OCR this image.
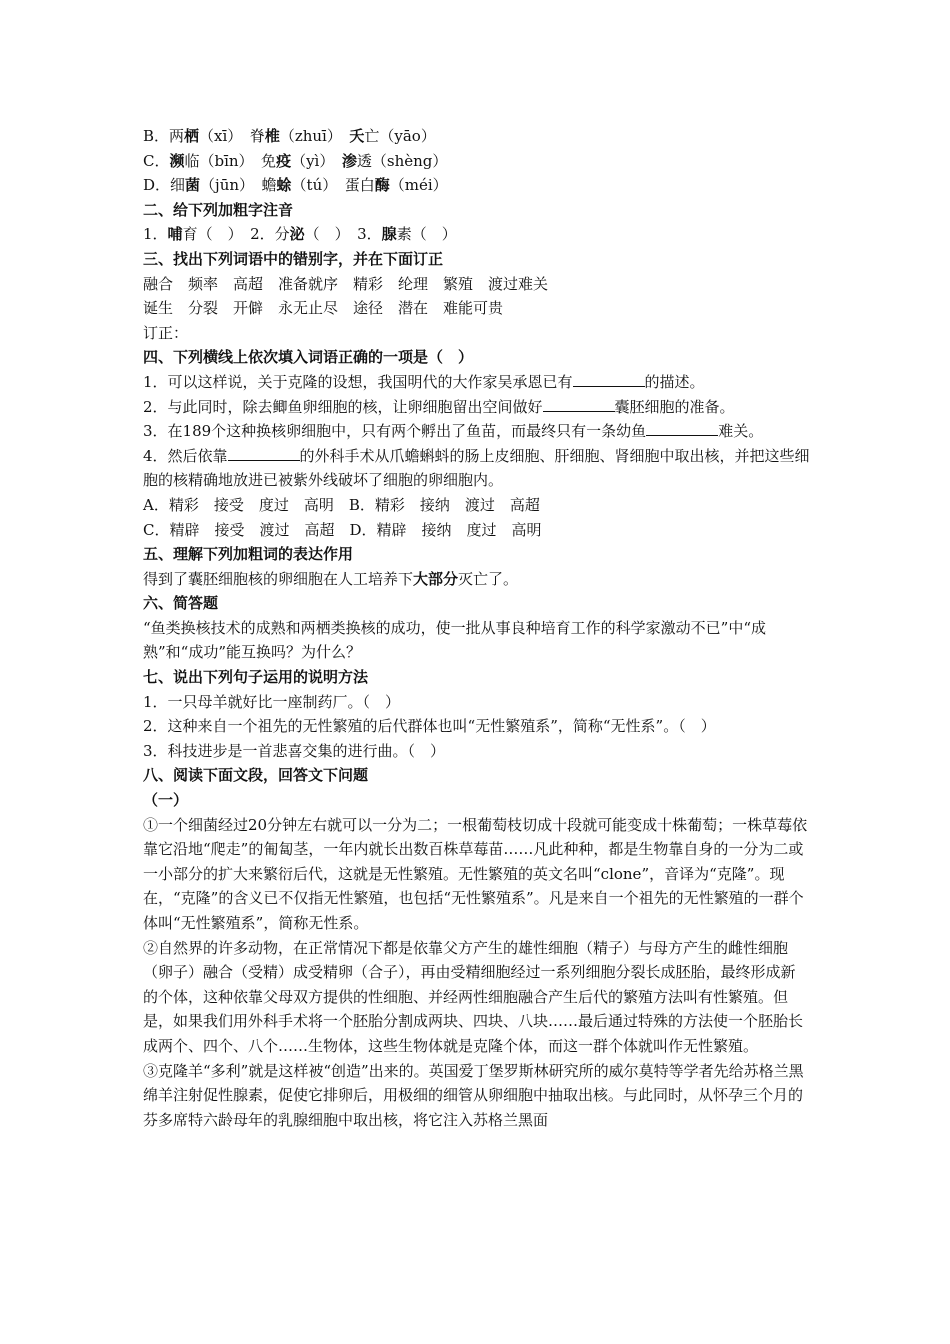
B．两栖（xī）　脊椎（zhuī）　夭亡（yāo）
C．濒临（bīn）　免疫（yì）　渗透（shèng）
D．细菌（jūn）　蟾蜍（tú）　蛋白酶（méi）
二、给下列加粗字注音
1．哺育（　）　2．分泌（　）　3．腺素（　）
三、找出下列词语中的错别字，并在下面订正
融合　频率　高超　准备就序　精彩　纶理　繁殖　渡过难关
诞生　分裂　开僻　永无止尽　途径　潜在　难能可贵
订正：
四、下列横线上依次填入词语正确的一项是（　）
1．可以这样说，关于克隆的设想，我国明代的大作家吴承恩已有	的描述。
2．与此同时，除去鲫鱼卵细胞的核，让卵细胞留出空间做好	囊胚细胞的准备。
3．在189个这种换核卵细胞中，只有两个孵出了鱼苗，而最终只有一条幼鱼	难关。
4．然后依靠	的外科手术从爪蟾蝌蚪的肠上皮细胞、肝细胞、肾细胞中取出核，并把这些细胞的核精确地放进已被紫外线破坏了细胞的卵细胞内。
A．精彩　接受　度过　高明　B．精彩　接纳　渡过　高超
C．精辟　接受　渡过　高超　D．精辟　接纳　度过　高明
五、理解下列加粗词的表达作用
得到了囊胚细胞核的卵细胞在人工培养下大部分灭亡了。
六、简答题
“鱼类换核技术的成熟和两栖类换核的成功，使一批从事良种培育工作的科学家激动不已”中“成熟”和“成功”能互换吗？为什么？
七、说出下列句子运用的说明方法
1．一只母羊就好比一座制药厂。（　）
2．这种来自一个祖先的无性繁殖的后代群体也叫“无性繁殖系”，简称“无性系”。（　）
3．科技进步是一首悲喜交集的进行曲。（　）
八、阅读下面文段，回答文下问题
（一）
①一个细菌经过20分钟左右就可以一分为二；一根葡萄枝切成十段就可能变成十株葡萄；一株草莓依靠它沿地“爬走”的匍匐茎，一年内就长出数百株草莓苗……凡此种种，都是生物靠自身的一分为二或一小部分的扩大来繁衍后代，这就是无性繁殖。无性繁殖的英文名叫“clone”，音译为“克隆”。现在，“克隆”的含义已不仅指无性繁殖，也包括“无性繁殖系”。凡是来自一个祖先的无性繁殖的一群个体叫“无性繁殖系”，简称无性系。
②自然界的许多动物，在正常情况下都是依靠父方产生的雄性细胞（精子）与母方产生的雌性细胞（卵子）融合（受精）成受精卵（合子），再由受精细胞经过一系列细胞分裂长成胚胎，最终形成新的个体，这种依靠父母双方提供的性细胞、并经两性细胞融合产生后代的繁殖方法叫有性繁殖。但是，如果我们用外科手术将一个胚胎分割成两块、四块、八块……最后通过特殊的方法使一个胚胎长成两个、四个、八个……生物体，这些生物体就是克隆个体，而这一群个体就叫作无性繁殖。
③克隆羊“多利”就是这样被“创造”出来的。英国爱丁堡罗斯林研究所的威尔莫特等学者先给苏格兰黑绵羊注射促性腺素，促使它排卵后，用极细的细管从卵细胞中抽取出核。与此同时，从怀孕三个月的芬多席特六龄母年的乳腺细胞中取出核，将它注入苏格兰黑面
